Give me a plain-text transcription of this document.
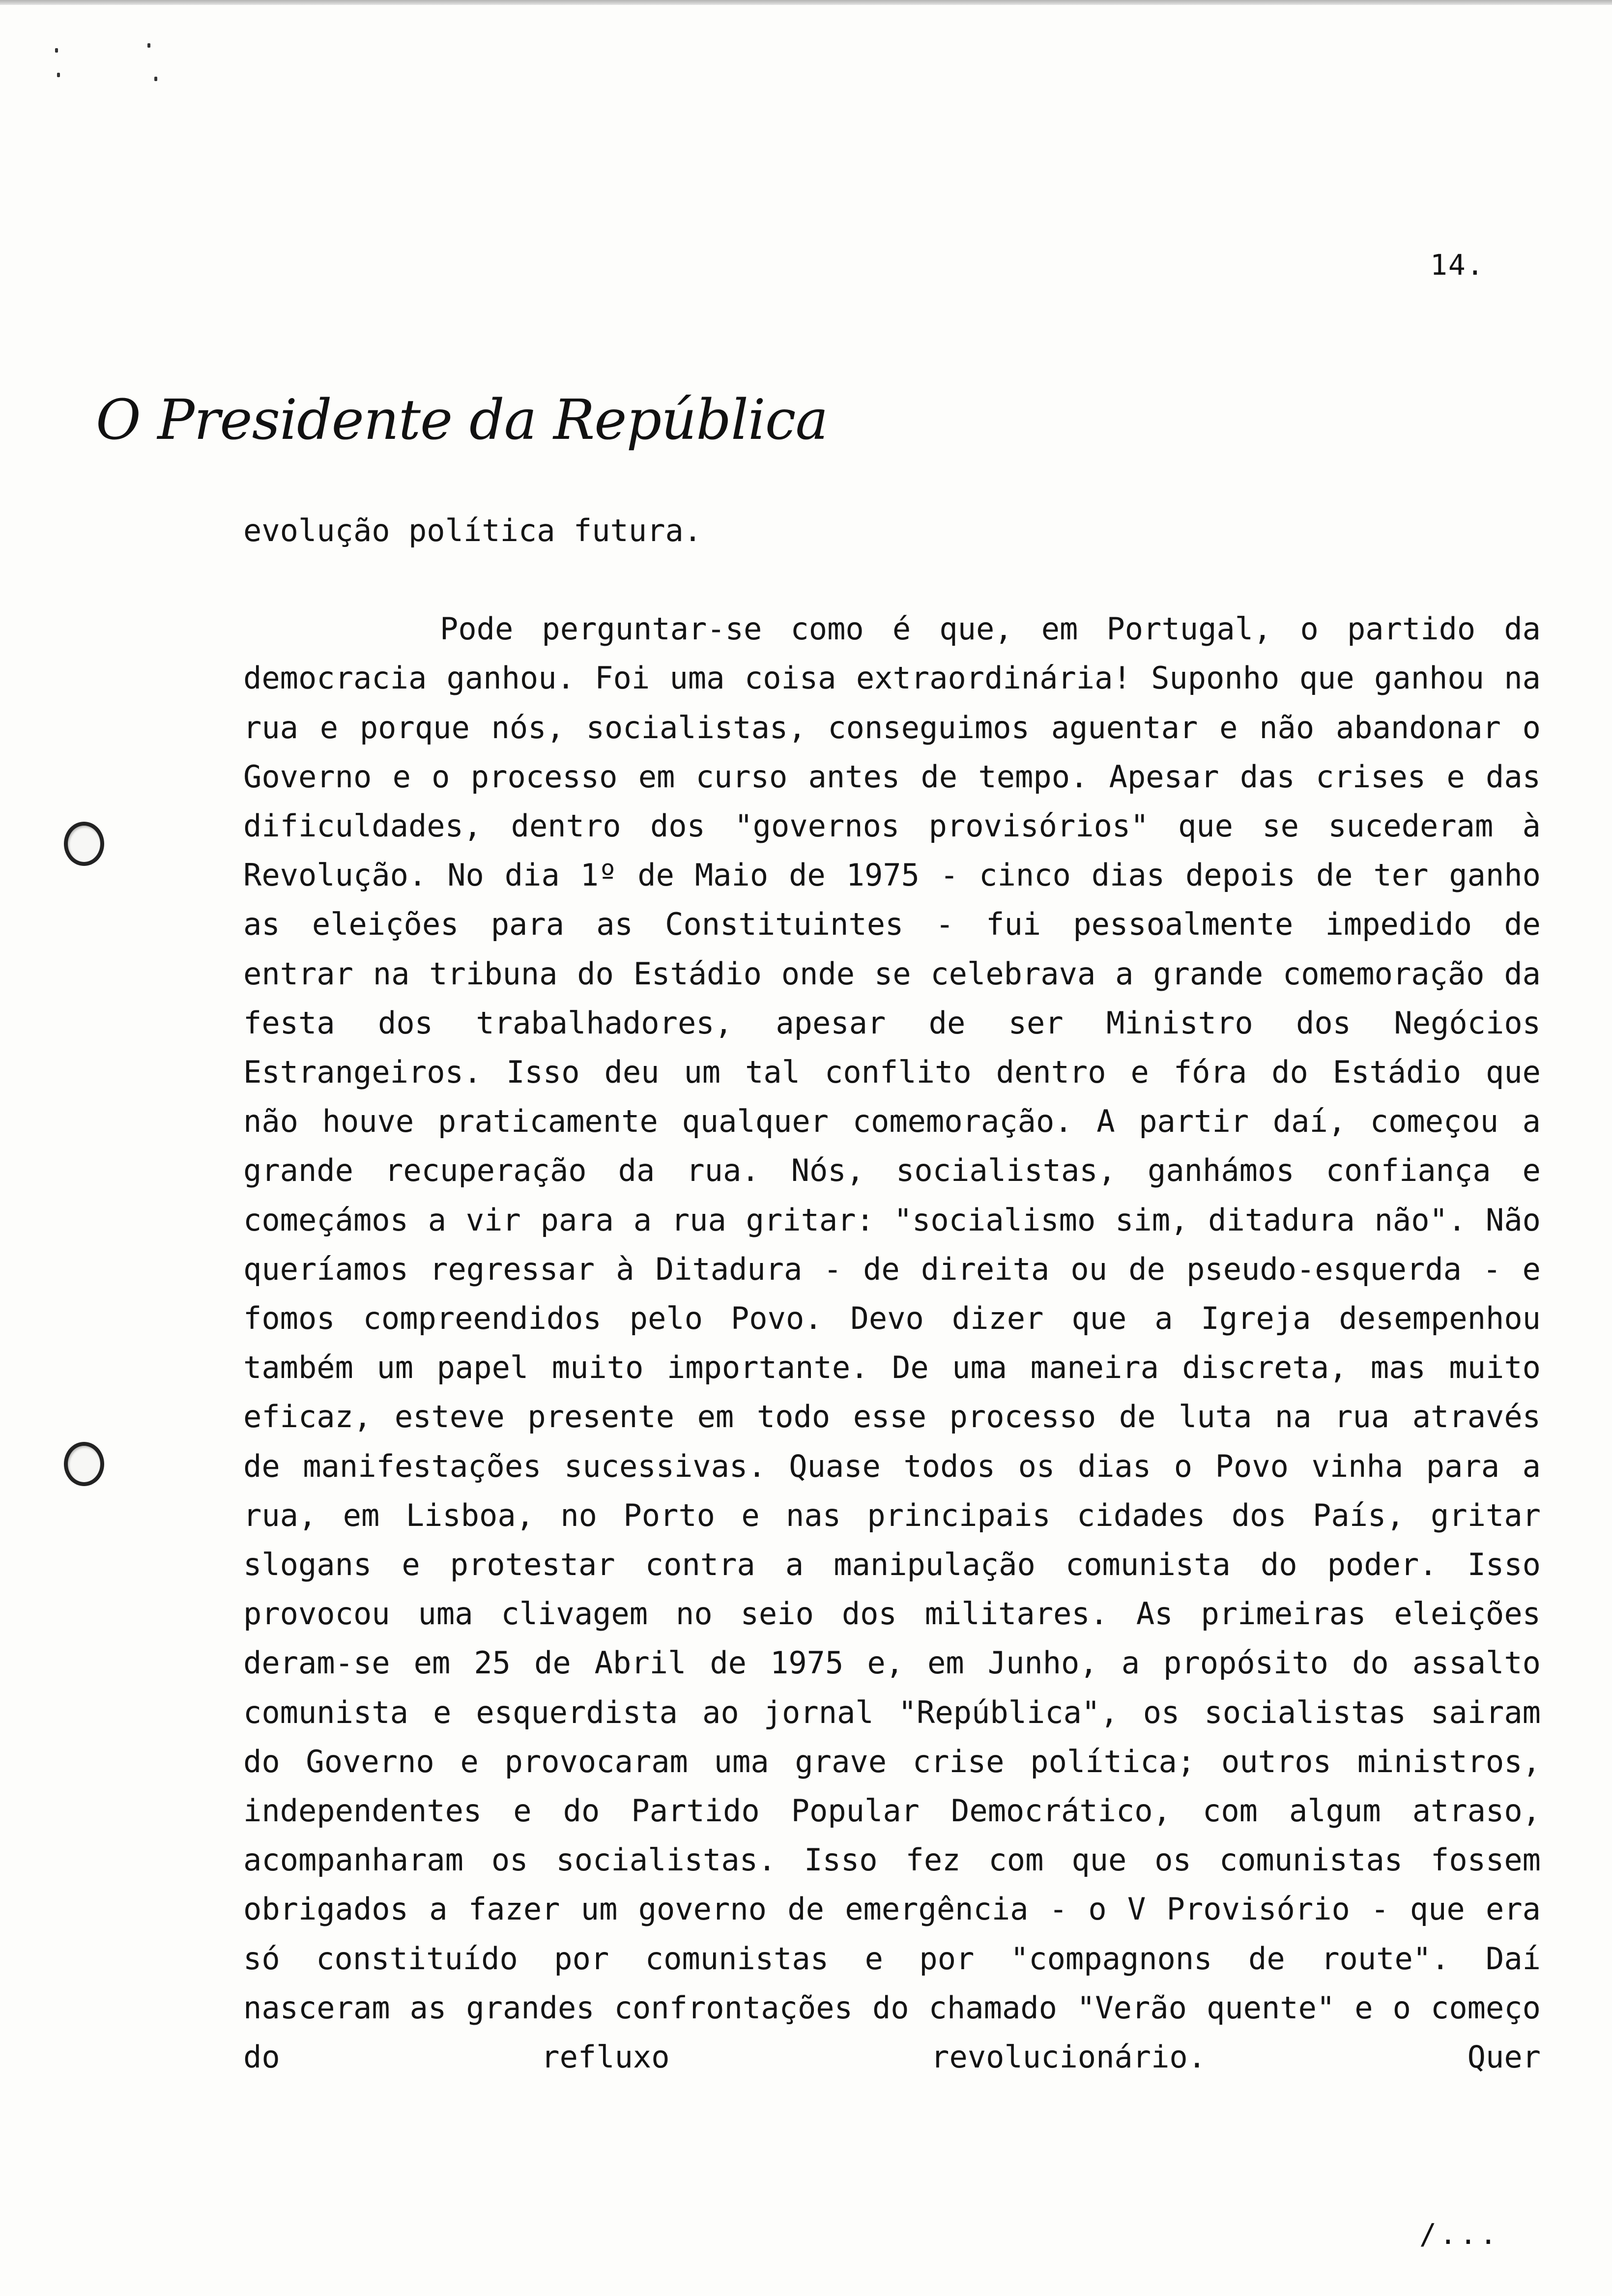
14.
O Presidente da República

evolução política futura.

Pode perguntar-se como é que, em Portugal, o partido da democracia ganhou. Foi uma coisa extraordinária! Suponho que ganhou na rua e porque nós, socialistas, conseguimos aguentar e não abandonar o Governo e o processo em curso antes de tempo. Apesar das crises e das dificuldades, dentro dos "governos provisórios" que se sucederam à Revolução. No dia 1º de Maio de 1975 - cinco dias depois de ter ganho as eleições para as Constituintes - fui pessoalmente impedido de entrar na tribuna do Estádio onde se celebrava a grande comemoração da festa dos trabalhadores, apesar de ser Ministro dos Negócios Estrangeiros. Isso deu um tal conflito dentro e fóra do Estádio que não houve praticamente qualquer comemoração. A partir daí, começou a grande recuperação da rua. Nós, socialistas, ganhámos confiança e começámos a vir para a rua gritar: "socialismo sim, ditadura não". Não queríamos regressar à Ditadura - de direita ou de pseudo-esquerda - e fomos compreendidos pelo Povo. Devo dizer que a Igreja desempenhou também um papel muito importante. De uma maneira discreta, mas muito eficaz, esteve presente em todo esse processo de luta na rua através de manifestações sucessivas. Quase todos os dias o Povo vinha para a rua, em Lisboa, no Porto e nas principais cidades dos País, gritar slogans e protestar contra a manipulação comunista do poder. Isso provocou uma clivagem no seio dos militares. As primeiras eleições deram-se em 25 de Abril de 1975 e, em Junho, a propósito do assalto comunista e esquerdista ao jornal "República", os socialistas sairam do Governo e provocaram uma grave crise política; outros ministros, independentes e do Partido Popular Democrático, com algum atraso, acompanharam os socialistas. Isso fez com que os comunistas fossem obrigados a fazer um governo de emergência - o V Provisório - que era só constituído por comunistas e por "compagnons de route". Daí nasceram as grandes confrontações do chamado "Verão quente" e o começo do refluxo revolucionário. Quer

/...
